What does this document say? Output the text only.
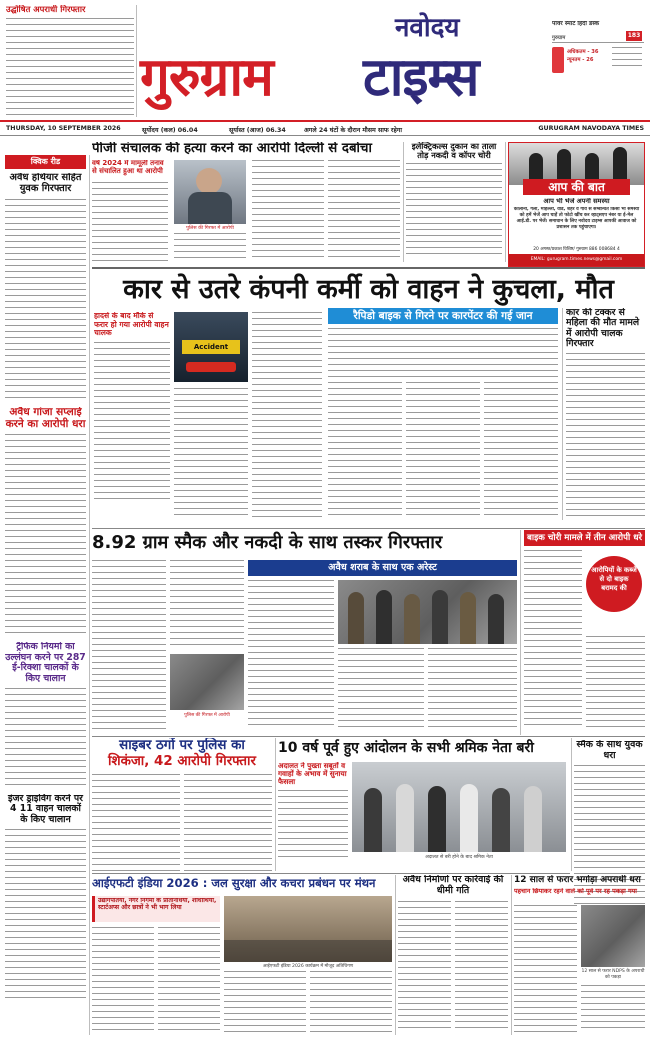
उद्घोषित अपराधी गिरफ्तार
नवोदय
गुरुग्राम	टाइम्स
पावर स्मार्ट हिंदी डेस्क
गुरुग्राम	183
अधिकतम - 36
न्यूनतम - 26
THURSDAY, 10 SEPTEMBER 2026	सूर्योदय (कल) 06.04	सूर्यास्त (आज) 06.34	अगले 24 घंटों के दौरान मौसम साफ रहेगा	GURUGRAM NAVODAYA TIMES
क्विक रीड
अवैध हथियार सहित युवक गिरफ्तार
अवैध गांजा सप्लाई करने का आरोपी धरा
ट्रैफिक नियमों का उल्लंघन करने पर 287 ई-रिक्शा चालकों के किए चालान
इंजर ड्राइविंग करने पर 4 11 वाहन चालकों के किए चालान
पीजी संचालक की हत्या करने का आरोपी दिल्ली से दबोचा
वर्ष 2024 में मामूली तनाव से संचालित हुआ था आरोपी
पुलिस की गिरफ्त में आरोपी
इलेक्ट्रिकल्स दुकान का ताला तोड़ नकदी व कॉपर चोरी
आप की बात
आप भी भेजें अपनी समस्या
कॉलोनी, गली, मोहल्ला, वार्ड, शहर व गांव से सम्बन्धित किसी भी समस्या को हमें भेजें आप चाहें तो फोटो खींच कर व्हाट्सएप नंबर या ई-मेल आई.डी. पर भेजें। समाधान के लिए नवोदय टाइम्स आपकी आवाज को प्रशासन तक पहुंचाएगा।
20 अगस्त/प्रकाश विशिष्ट/ गुरुग्राम 886 008684 4
EMAIL: gurugram.times.news@gmail.com
कार से उतरे कंपनी कर्मी को वाहन ने कुचला, मौत
हादसे के बाद मौके से फरार हो गया आरोपी वाहन चालक
Accident
रैपिडो बाइक से गिरने पर कारपेंटर की गई जान	कार की टक्कर से महिला की मौत मामले में आरोपी चालक गिरफ्तार
8.92 ग्राम स्मैक और नकदी के साथ तस्कर गिरफ्तार
अवैध शराब के साथ एक अरेस्ट
पुलिस की गिरफ्त में आरोपी
बाइक चोरी मामले में तीन आरोपी धरे
आरोपियों के कब्जे से दो बाइक बरामद की
साइबर ठगों पर पुलिस का
शिकंजा, 42 आरोपी गिरफ्तार
10 वर्ष पूर्व हुए आंदोलन के सभी श्रमिक नेता बरी
अदालत ने पुख्ता सबूतों व गवाहों के अभाव में सुनाया फैसला
अदालत से बरी होने के बाद श्रमिक नेता
स्मैक के साथ युवक धरा
आईएफटी इंडिया 2026 : जल सुरक्षा और कचरा प्रबंधन पर मंथन
उद्योगपतियों, नगर निगमों के प्रतिनिधियों, शोधार्थियों, स्टार्टअप्स और छात्रों ने भी भाग लिया
आईएफटी इंडिया 2026 कार्यक्रम में मौजूद अतिथिगण
अवैध निर्माणों पर कार्रवाई की धीमी गति
12 साल से फरार भगोड़ा अपराधी धरा
पहचान छिपाकर रहने वाले को पूर्व पर रह पकड़ा गया
12 साल से फरार NDPS के अपराधी को पकड़ा
